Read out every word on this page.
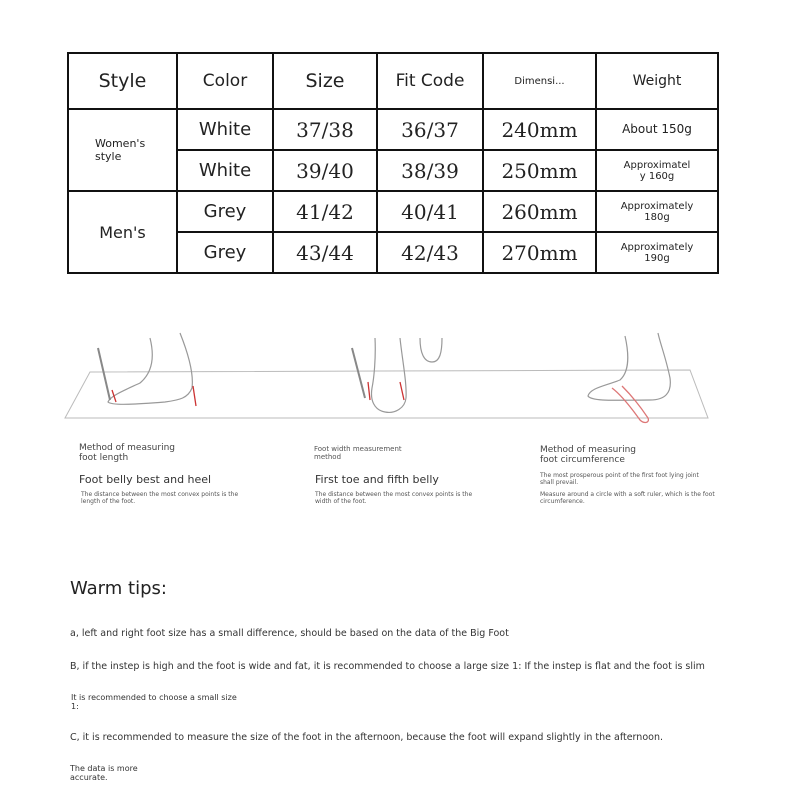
Style	Color	Size	Fit Code	Dimensi...	Weight
Women's
style	White	37/38	36/37	240mm	About 150g
	White	39/40	38/39	250mm	Approximatel
y 160g
Men's	Grey	41/42	40/41	260mm	Approximately
180g
	Grey	43/44	42/43	270mm	Approximately
190g
Method of measuring
foot length
Foot belly best and heel
The distance between the most convex points is the
length of the foot.
Foot width measurement
method
First toe and fifth belly
The distance between the most convex points is the
width of the foot.
Method of measuring
foot circumference
The most prosperous point of the first foot lying joint
shall prevail.
Measure around a circle with a soft ruler, which is the foot
circumference.
Warm tips:
a, left and right foot size has a small difference, should be based on the data of the Big Foot
B, if the instep is high and the foot is wide and fat, it is recommended to choose a large size 1: If the instep is flat and the foot is slim
It is recommended to choose a small size
1:
C, it is recommended to measure the size of the foot in the afternoon, because the foot will expand slightly in the afternoon.
The data is more
accurate.
